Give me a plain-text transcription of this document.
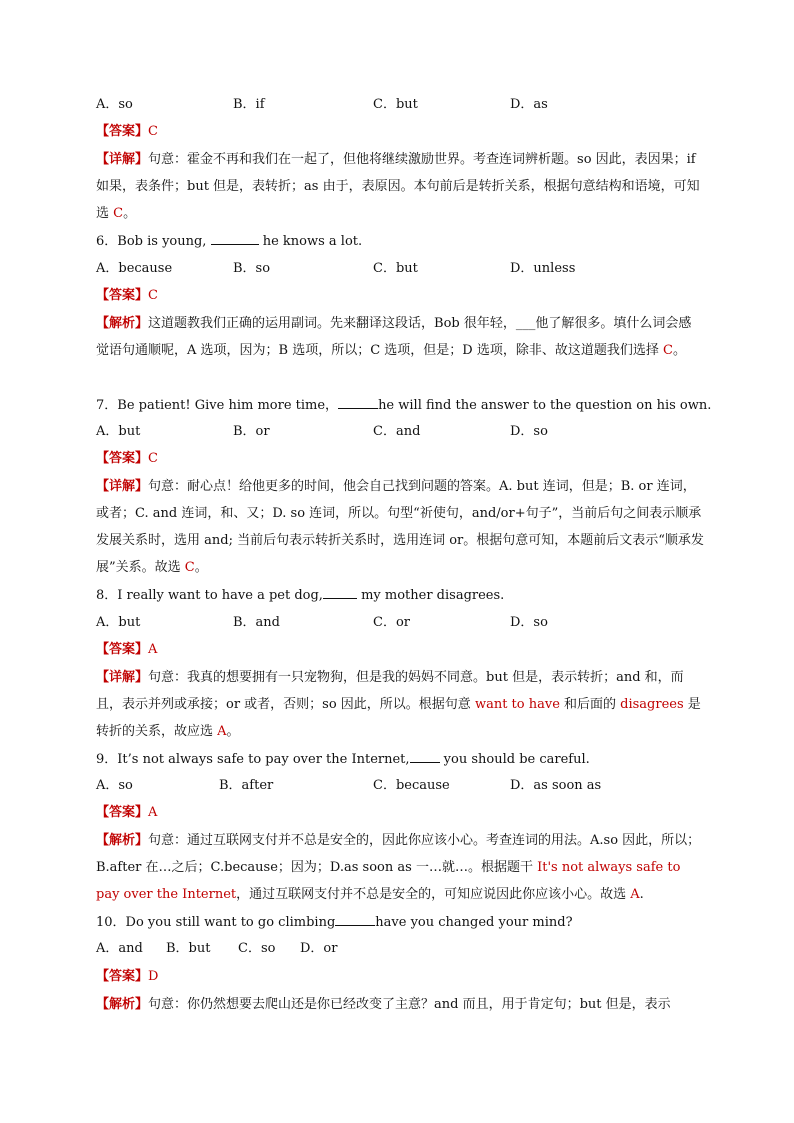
A．so	B．if	C．but	D．as
【答案】C
【详解】句意：霍金不再和我们在一起了，但他将继续激励世界。考查连词辨析题。so 因此，表因果；if 如果，表条件；but 但是，表转折；as 由于，表原因。本句前后是转折关系，根据句意结构和语境，可知选 C。
6．Bob is young,	he knows a lot.
A．because	B．so	C．but	D．unless
【答案】C
【解析】这道题教我们正确的运用副词。先来翻译这段话，Bob 很年轻，___他了解很多。填什么词会感觉语句通顺呢，A 选项，因为；B 选项，所以；C 选项，但是；D 选项，除非、故这道题我们选择 C。
7．Be patient! Give him more time，	he will find the answer to the question on his own.
A．but	B．or	C．and	D．so
【答案】C
【详解】句意：耐心点！给他更多的时间，他会自己找到问题的答案。A. but 连词，但是；B. or 连词，或者；C. and 连词，和、又；D. so 连词，所以。句型“祈使句，and/or+句子”，当前后句之间表示顺承发展关系时，选用 and; 当前后句表示转折关系时，选用连词 or。根据句意可知，本题前后文表示“顺承发展”关系。故选 C。
8．I really want to have a pet dog,	my mother disagrees.
A．but	B．and	C．or	D．so
【答案】A
【详解】句意：我真的想要拥有一只宠物狗，但是我的妈妈不同意。but 但是，表示转折；and 和，而且，表示并列或承接；or 或者，否则；so 因此，所以。根据句意 want to have 和后面的 disagrees 是转折的关系，故应选 A。
9．It’s not always safe to pay over the Internet, you should be careful.
A．so	B．after	C．because	D．as soon as
【答案】A
【解析】句意：通过互联网支付并不总是安全的，因此你应该小心。考查连词的用法。A.so 因此，所以；B.after 在…之后；C.because；因为；D.as soon as 一…就…。根据题干 It's not always safe to pay over the Internet，通过互联网支付并不总是安全的，可知应说因此你应该小心。故选 A.
10．Do you still want to go climbing	have you changed your mind?
A．and B．but C．so D．or
【答案】D
【解析】句意：你仍然想要去爬山还是你已经改变了主意？and 而且，用于肯定句；but 但是，表示
